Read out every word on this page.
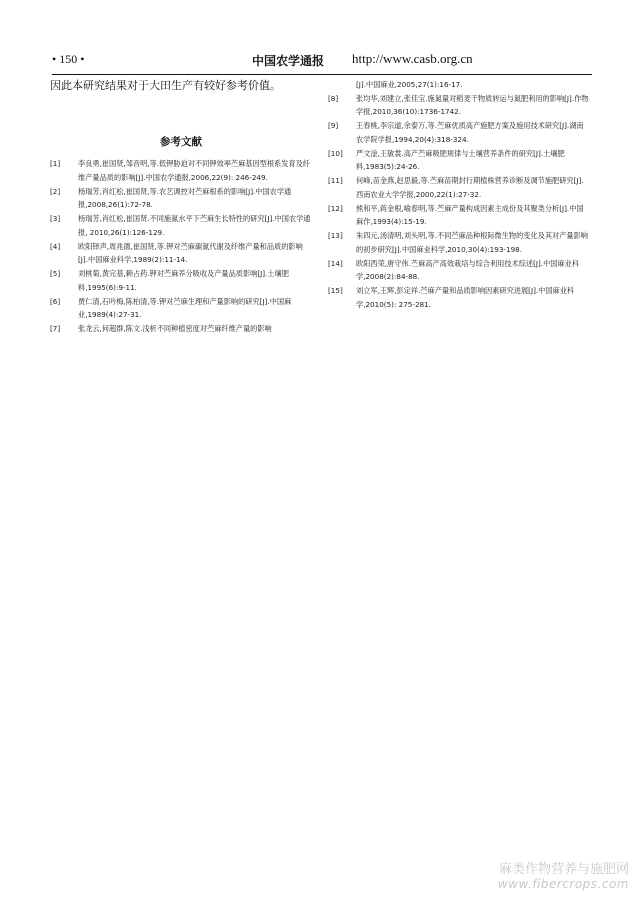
• 150 •	中国农学通报 http://www.casb.org.cn

因此本研究结果对于大田生产有较好参考价值。

参考文献
[1] 李良勇,崔国贤,邹音明,等.低钾胁迫对不同钾效率苎麻基因型根系发育及纤维产量品质的影响[J].中国农学通报,2006,22(9): 246-249.
[2] 杨瑞芳,肖红松,崔国贤,等.农艺调控对苎麻根系的影响[J].中国农学通报,2008,26(1):72-78.
[3] 杨瑞芳,肖红松,崔国贤.不同施氮水平下苎麻生长特性的研究[J].中国农学通报, 2010,26(1):126-129.
[4] 欧阳铎声,周兆德,崔国贤,等.钾对苎麻碳氮代谢及纤维产量和品质的影响[J].中国麻业科学,1989(2):11-14.
[5] 刘桃菊,黄完基,赖占药.钾对苎麻养分吸收及产量品质影响[J].土壤肥料,1995(6):9-11.
[6] 贾仁清,石吟梅,陈柏清,等.钾对苎麻生理和产量影响的研究[J].中国麻业,1989(4):27-31.
[7] 张龙云,何超群,陈文.浅析不同种植密度对苎麻纤维产量的影响
[J].中国麻业,2005,27(1):16-17.
[8] 张均华,刘建立,张佳宝.施氮量对稻麦干物质转运与氮肥利用的影响[J].作物学报,2010,36(10):1736-1742.
[9] 王春桃,李宗道,余泰万,等.苎麻优质高产施肥方案及施用技术研究[J].湖南农学院学报,1994,20(4):318-324.
[10] 严文淦,王敏裳.高产苎麻吸肥规律与土壤营养条件的研究[J].土壤肥料,1983(5):24-26.
[11] 何峰,苗金燕,赵思毅,等.苎麻苗期封行期植株营养诊断及调节施肥研究[J].西南农业大学学报,2000,22(1):27-32.
[12] 熊和平,蒋金根,喻春明,等.苎麻产量构成因素主成份及其聚类分析[J].中国麻作,1993(4):15-19.
[13] 朱四元,汤清明,刘头明,等.不同苎麻品种根际微生物的变化及其对产量影响的初步研究[J].中国麻业科学,2010,30(4):193-198.
[14] 欧阳西荣,唐守伟.苎麻高产高效栽培与综合利用技术综述[J].中国麻业科学,2008(2):84-88.
[15] 刘立军,王辉,彭定祥.苎麻产量和品质影响因素研究进展[J].中国麻业科学,2010(5): 275-281.
麻类作物营养与施肥网
www.fibercrops.com
